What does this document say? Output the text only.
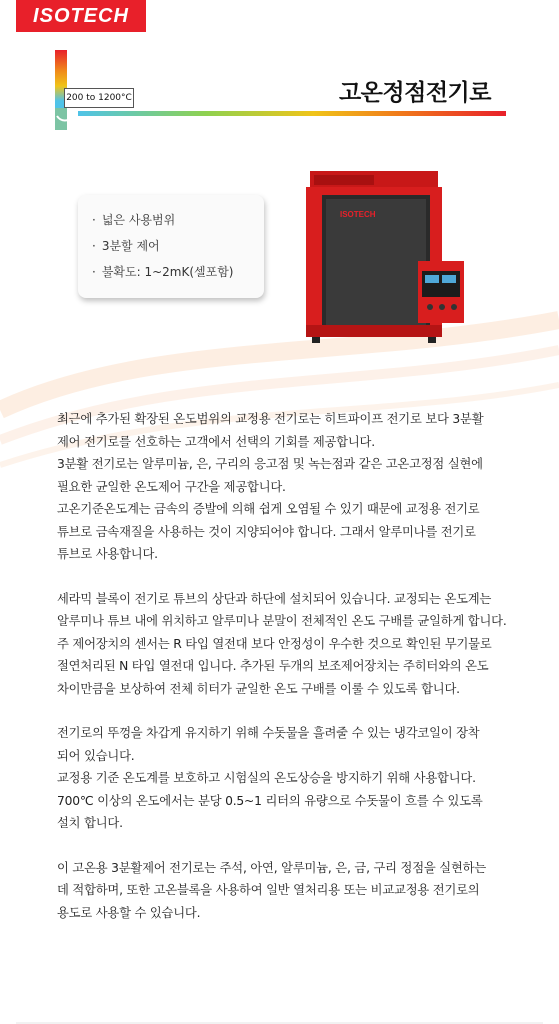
ISOTECH
200 to 1200°C	고온정점전기로
· 넓은 사용범위
· 3분할 제어
· 불확도: 1~2mK(셀포함)
ISOTECH

최근에 추가된 확장된 온도범위의 교정용 전기로는 히트파이프 전기로 보다 3분활

제어 전기로를 선호하는 고객에서 선택의 기회를 제공합니다.

3분활 전기로는 알루미늄, 은, 구리의 응고점 및 녹는점과 같은 고온고정점 실현에

필요한 균일한 온도제어 구간을 제공합니다.

고온기준온도계는 금속의 증발에 의해 쉽게 오염될 수 있기 때문에 교정용 전기로

튜브로 금속재질을 사용하는 것이 지양되어야 합니다. 그래서 알루미나를 전기로

튜브로 사용합니다.

세라믹 블록이 전기로 튜브의 상단과 하단에 설치되어 있습니다. 교정되는 온도계는

알루미나 튜브 내에 위치하고 알루미나 분말이 전체적인 온도 구배를 균일하게 합니다.

주 제어장치의 센서는 R 타입 열전대 보다 안정성이 우수한 것으로 확인된 무기물로

절연처리된 N 타입 열전대 입니다. 추가된 두개의 보조제어장치는 주히터와의 온도

차이만큼을 보상하여 전체 히터가 균일한 온도 구배를 이룰 수 있도록 합니다.

전기로의 뚜껑을 차갑게 유지하기 위해 수돗물을 흘려줄 수 있는 냉각코일이 장착

되어 있습니다.

교정용 기준 온도계를 보호하고 시험실의 온도상승을 방지하기 위해 사용합니다.

700℃ 이상의 온도에서는 분당 0.5~1 리터의 유량으로 수돗물이 흐를 수 있도록

설치 합니다.

이 고온용 3분활제어 전기로는 주석, 아연, 알루미늄, 은, 금, 구리 정점을 실현하는

데 적합하며, 또한 고온블록을 사용하여 일반 열처리용 또는 비교교정용 전기로의

용도로 사용할 수 있습니다.
